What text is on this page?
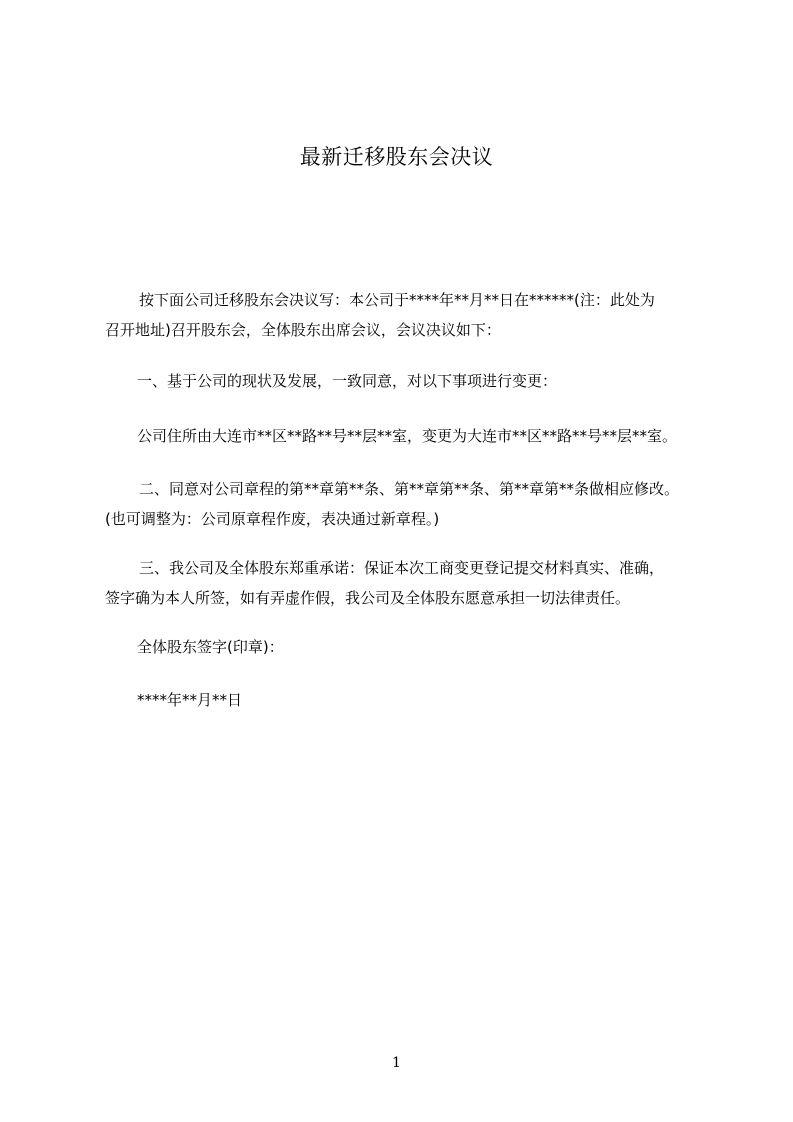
最新迁移股东会决议
按下面公司迁移股东会决议写：本公司于****年**月**日在******(注：此处为
召开地址)召开股东会，全体股东出席会议，会议决议如下：
一、基于公司的现状及发展，一致同意，对以下事项进行变更：
公司住所由大连市**区**路**号**层**室，变更为大连市**区**路**号**层**室。
二、同意对公司章程的第**章第**条、第**章第**条、第**章第**条做相应修改。
(也可调整为：公司原章程作废，表决通过新章程。)
三、我公司及全体股东郑重承诺：保证本次工商变更登记提交材料真实、准确，
签字确为本人所签，如有弄虚作假，我公司及全体股东愿意承担一切法律责任。
全体股东签字(印章)：
****年**月**日
1
